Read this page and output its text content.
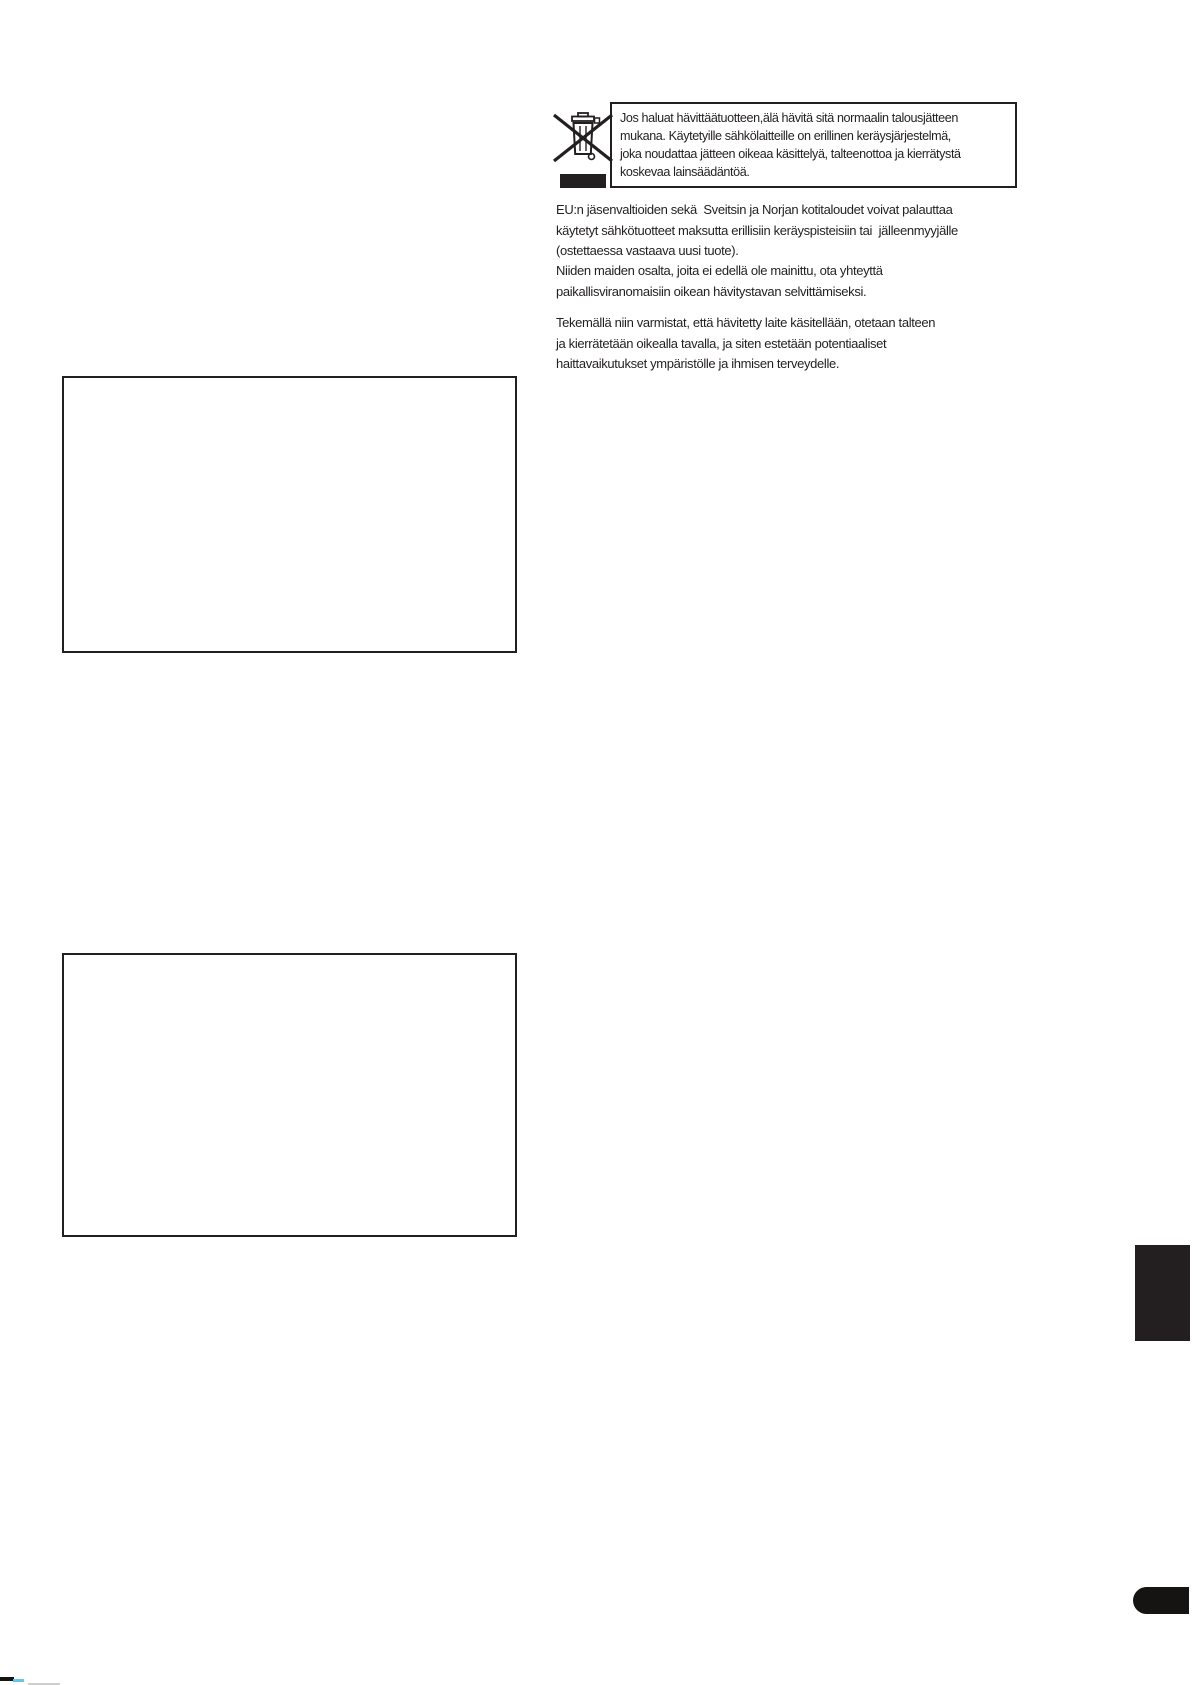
Jos haluat hävittäätuotteen,älä hävitä sitä normaalin talousjätteen
mukana. Käytetyille sähkölaitteille on erillinen keräysjärjestelmä,
joka noudattaa jätteen oikeaa käsittelyä, talteenottoa ja kierrätystä
koskevaa lainsäädäntöä.
EU:n jäsenvaltioiden sekä  Sveitsin ja Norjan kotitaloudet voivat palauttaa
käytetyt sähkötuotteet maksutta erillisiin keräyspisteisiin tai  jälleenmyyjälle
(ostettaessa vastaava uusi tuote).
Niiden maiden osalta, joita ei edellä ole mainittu, ota yhteyttä
paikallisviranomaisiin oikean hävitystavan selvittämiseksi.
Tekemällä niin varmistat, että hävitetty laite käsitellään, otetaan talteen
ja kierrätetään oikealla tavalla, ja siten estetään potentiaaliset
haittavaikutukset ympäristölle ja ihmisen terveydelle.
